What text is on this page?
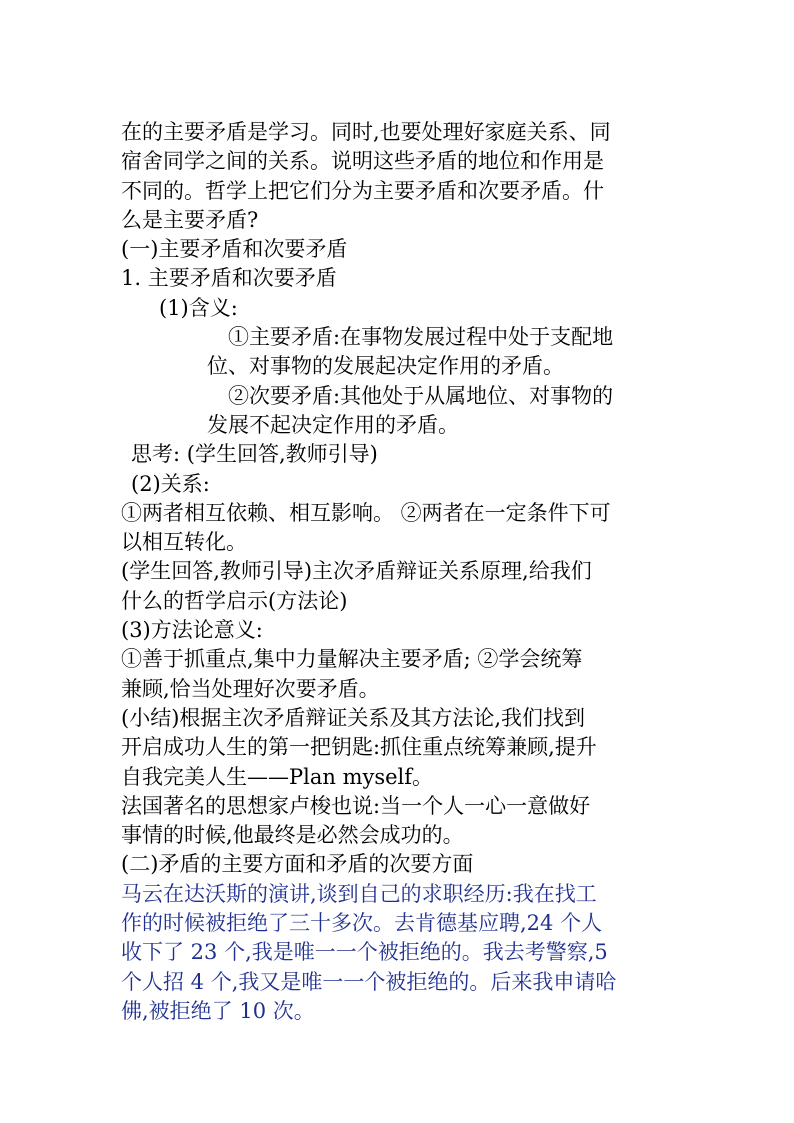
在的主要矛盾是学习。同时,也要处理好家庭关系、同
宿舍同学之间的关系。说明这些矛盾的地位和作用是
不同的。哲学上把它们分为主要矛盾和次要矛盾。什
么是主要矛盾?
(一)主要矛盾和次要矛盾
1. 主要矛盾和次要矛盾
(1)含义:
①主要矛盾:在事物发展过程中处于支配地
位、对事物的发展起决定作用的矛盾。
②次要矛盾:其他处于从属地位、对事物的
发展不起决定作用的矛盾。
思考: (学生回答,教师引导)
(2)关系:
①两者相互依赖、相互影响。 ②两者在一定条件下可
以相互转化。
(学生回答,教师引导)主次矛盾辩证关系原理,给我们
什么的哲学启示(方法论)
(3)方法论意义:
①善于抓重点,集中力量解决主要矛盾; ②学会统筹
兼顾,恰当处理好次要矛盾。
(小结)根据主次矛盾辩证关系及其方法论,我们找到
开启成功人生的第一把钥匙:抓住重点统筹兼顾,提升
自我完美人生——Plan myself。
法国著名的思想家卢梭也说:当一个人一心一意做好
事情的时候,他最终是必然会成功的。
(二)矛盾的主要方面和矛盾的次要方面
马云在达沃斯的演讲,谈到自己的求职经历:我在找工
作的时候被拒绝了三十多次。去肯德基应聘,24 个人
收下了 23 个,我是唯一一个被拒绝的。我去考警察,5
个人招 4 个,我又是唯一一个被拒绝的。后来我申请哈
佛,被拒绝了 10 次。
